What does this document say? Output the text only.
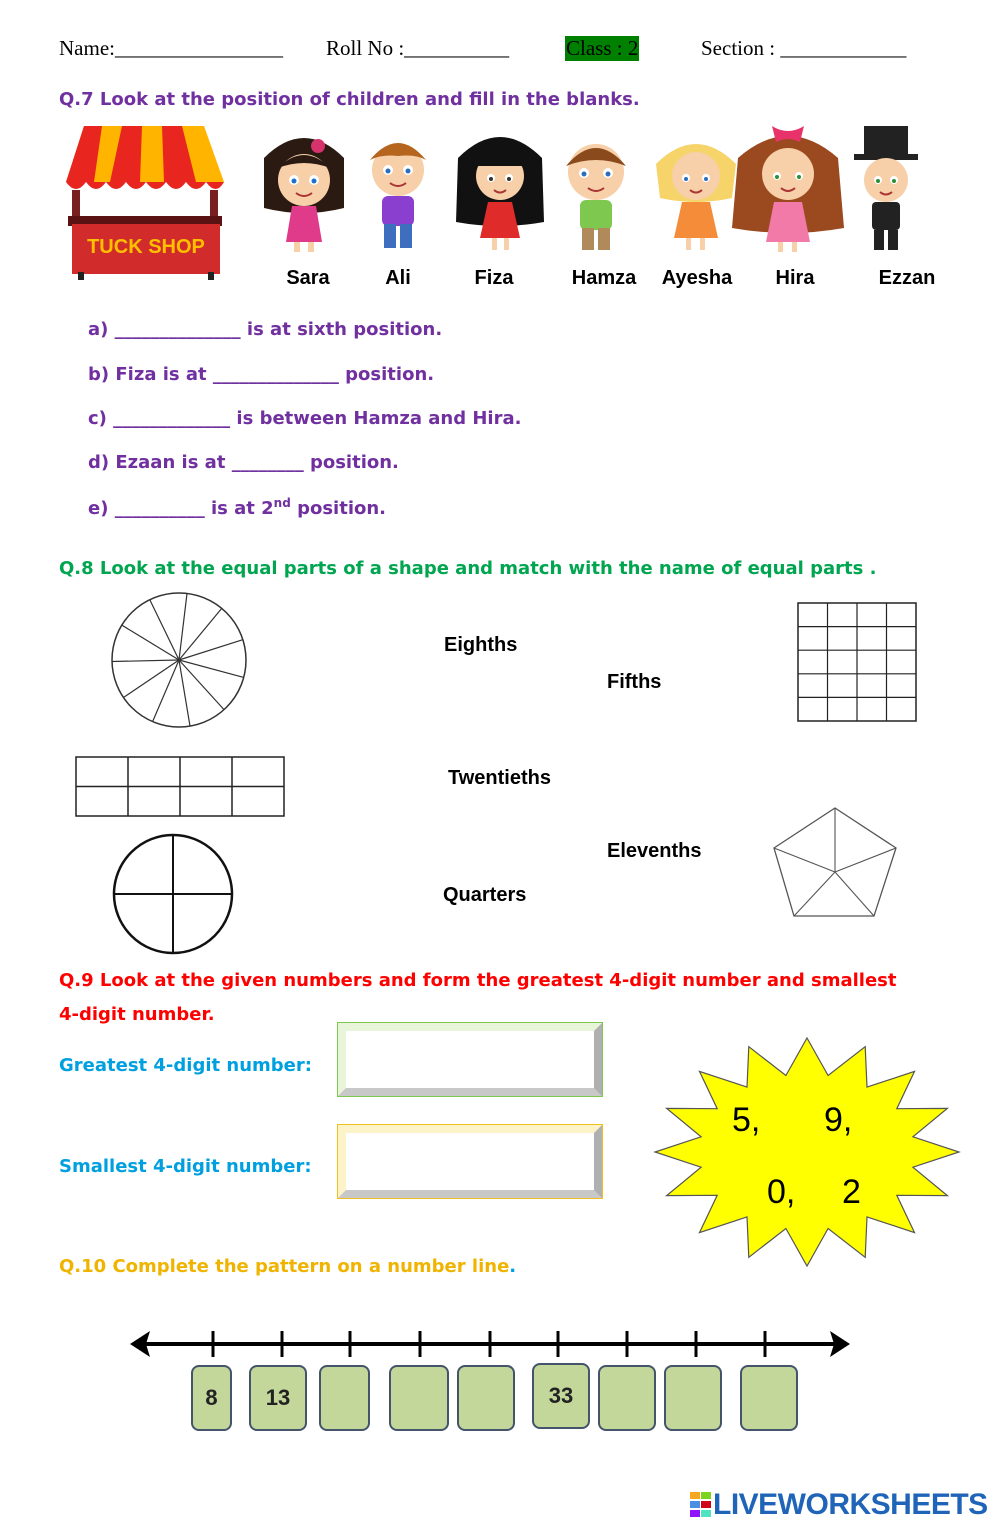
Name:________________ Roll No :__________	Class : 2	Section : ____________
Q.7 Look at the position of children and fill in the blanks.
TUCK SHOP
Sara	Ali	Fiza	Hamza	Ayesha	Hira	Ezzan
a) ______________ is at sixth position.
b) Fiza is at ______________ position.
c) _____________ is between Hamza and Hira.
d) Ezaan is at ________ position.
e) __________ is at 2nd position.
Q.8 Look at the equal parts of a shape and match with the name of equal parts .
Eighths
Fifths
Twentieths
Elevenths
Quarters
Q.9 Look at the given numbers and form the greatest 4-digit number and smallest
4-digit number.
Greatest 4-digit number:
Smallest 4-digit number:
5, 9,
0, 2
Q.10 Complete the pattern on a number line.
8	13	33
LIVEWORKSHEETS
